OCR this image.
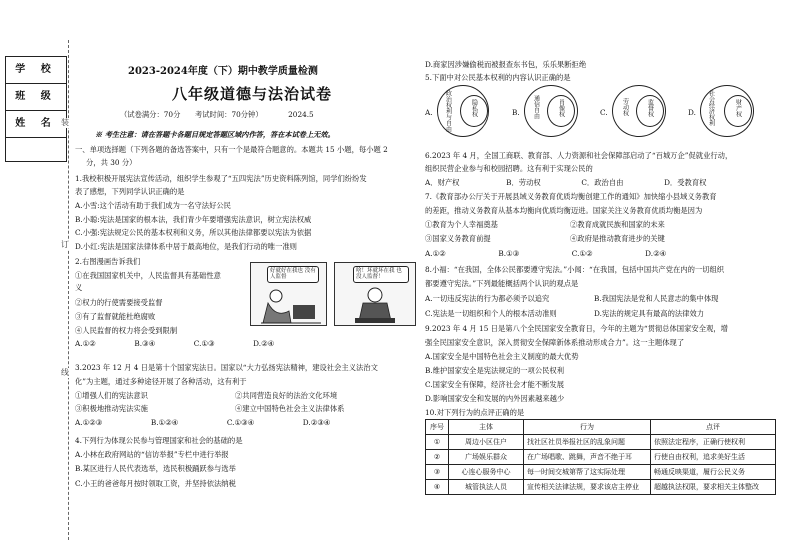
学 校
班 级
姓 名 装
订
线
2023-2024年度（下）期中教学质量检测
八年级道德与法治试卷
（试卷满分：70分　　考试时间：70分钟）　　　　2024.5
※ 考生注意：请在答题卡各题目规定答题区域内作答，答在本试卷上无效。
一、单项选择题（下列各题的备选答案中，只有一个是最符合题意的。本题共 15 小题，每小题 2
分，共 30 分）
1.我校积极开展宪法宣传活动，组织学生参观了“五四宪法”历史资料陈列馆，同学们纷纷发
表了感想，下列同学认识正确的是
A.小雪:这个活动有助于我们成为一名守法好公民
B.小聪:宪法是国家的根本法，我们青少年要增强宪法意识，树立宪法权威
C.小强:宪法规定公民的基本权利和义务，所以其他法律都要以宪法为依据
D.小红:宪法是国家法律体系中居于最高地位，是我们行动的唯一准则
2.右图漫画告诉我们
①在我国国家机关中，人民监督具有基础性意
义
②权力的行使需要接受监督
③有了监督就能杜绝腐败
④人民监督的权力将会受到限制
A.①②	B.③④	C.①③	D.②④
好就好在我也 没有人监督
啥！坏就坏在我 也没人监督！
3.2023 年 12 月 4 日是第十个国家宪法日。国家以“大力弘扬宪法精神，建设社会主义法治文
化”为主题，通过多种途径开展了各种活动，这有利于
①增强人们的宪法意识	②共同营造良好的法治文化环境
③积极地推动宪法实施	④建立中国特色社会主义法律体系
A.①②③	B.①②④	C.①③④	D.②③④
4.下列行为体现公民参与管理国家和社会的基础的是
A.小林在政府网站的“信访举报”专栏中进行举报
B.某区进行人民代表选举，选民积极踊跃参与选举
C.小王的爸爸每月按时领取工资，并坚持依法纳税
D.商家因涉嫌偷税而被报查东书包，乐乐果断拒绝
5.下面中对公民基本权利的内容认识正确的是
A. 政治权利与自由	隐私权	B. 通信自由	肖像权	C. 劳动权	监督权	D. 社会经济权利	财产权
6.2023 年 4 月，全国工商联、教育部、人力资源和社会保障部启动了“百城万企”促就业行动，
组织民营企业参与和校园招聘。这有利于实现公民的
A．财产权	B．劳动权	C．政治自由	D．受教育权
7.《教育部办公厅关于开展县域义务教育优质均衡创建工作的通知》加快缩小县域义务教育
的差距，推动义务教育从基本均衡向优质均衡迈进。国家关注义务教育优质均衡是因为
①教育为个人幸福奠基	②教育成就民族和国家的未来
③国家义务教育前提	④政府是推动教育进步的关键
A.①②	B.①③	C.①②	D.②④
8.小福：“在我国，全体公民都要遵守宪法。”小闻：“在我国，包括中国共产党在内的一切组织
都要遵守宪法。”下列最能概括两个认识的观点是
A.一切违反宪法的行为都必须予以追究	B.我国宪法是党和人民意志的集中体现
C.宪法是一切组织和个人的根本活动准则	D.宪法的规定具有最高的法律效力
9.2023 年 4 月 15 日是第八个全民国家安全教育日，今年的主题为“贯彻总体国家安全观，增
强全民国家安全意识，深入贯彻安全保障新体系推动形成合力”。这一主题体现了
A.国家安全是中国特色社会主义制度的最大优势
B.维护国家安全是宪法规定的一项公民权利
C.国家安全有保障，经济社会才能不断发展
D.影响国家安全和发展的内外因素越来越少
10.对下列行为的点评正确的是
序号	主体	行为	点评
①	周边小区住户	找社区社员举报社区的乱象问题	依照法定程序，正确行使权利
②	广场娱乐群众	在广场唱歌、跳舞，声音不绝于耳	行使自由权利，追求美好生活
③	心连心服务中心	每一时间交城第帮了这实际处理	畅通反映渠道，履行公民义务
④	城管执法人员	宣传相关法律法规，要求该店主停业	超越执法权限，要求相关主体整改
